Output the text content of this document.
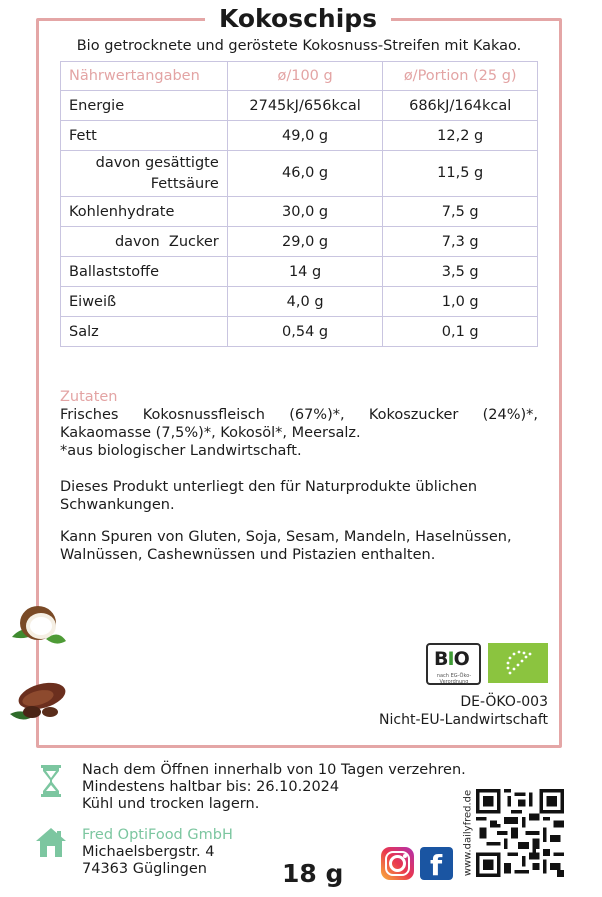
Kokoschips
Bio getrocknete und geröstete Kokosnuss-Streifen mit Kakao.
Nährwertangaben	ø/100 g	ø/Portion (25 g)
Energie	2745kJ/656kcal	686kJ/164kcal
Fett	49,0 g	12,2 g

davon gesättigte
Fettsäure	46,0 g	11,5 g
Kohlenhydrate	30,0 g	7,5 g
davon  Zucker	29,0 g	7,3 g
Ballaststoffe	14 g	3,5 g
Eiweiß	4,0 g	1,0 g
Salz	0,54 g	0,1 g
Zutaten
Frisches Kokosnussfleisch (67%)*, Kokoszucker (24%)*,
Kakaomasse (7,5%)*, Kokosöl*, Meersalz.
*aus biologischer Landwirtschaft.
Dieses Produkt unterliegt den für Naturprodukte üblichen
Schwankungen.
Kann Spuren von Gluten, Soja, Sesam, Mandeln, Haselnüssen,
Walnüssen, Cashewnüssen und Pistazien enthalten.
BIO
nach EG-Öko-Verordnung
DE-ÖKO-003
Nicht-EU-Landwirtschaft
Nach dem Öffnen innerhalb von 10 Tagen verzehren.
Mindestens haltbar bis: 26.10.2024
Kühl und trocken lagern.
Fred OptiFood GmbH
Michaelsbergstr. 4
74363 Güglingen	18 g	f www.dailyfred.de
